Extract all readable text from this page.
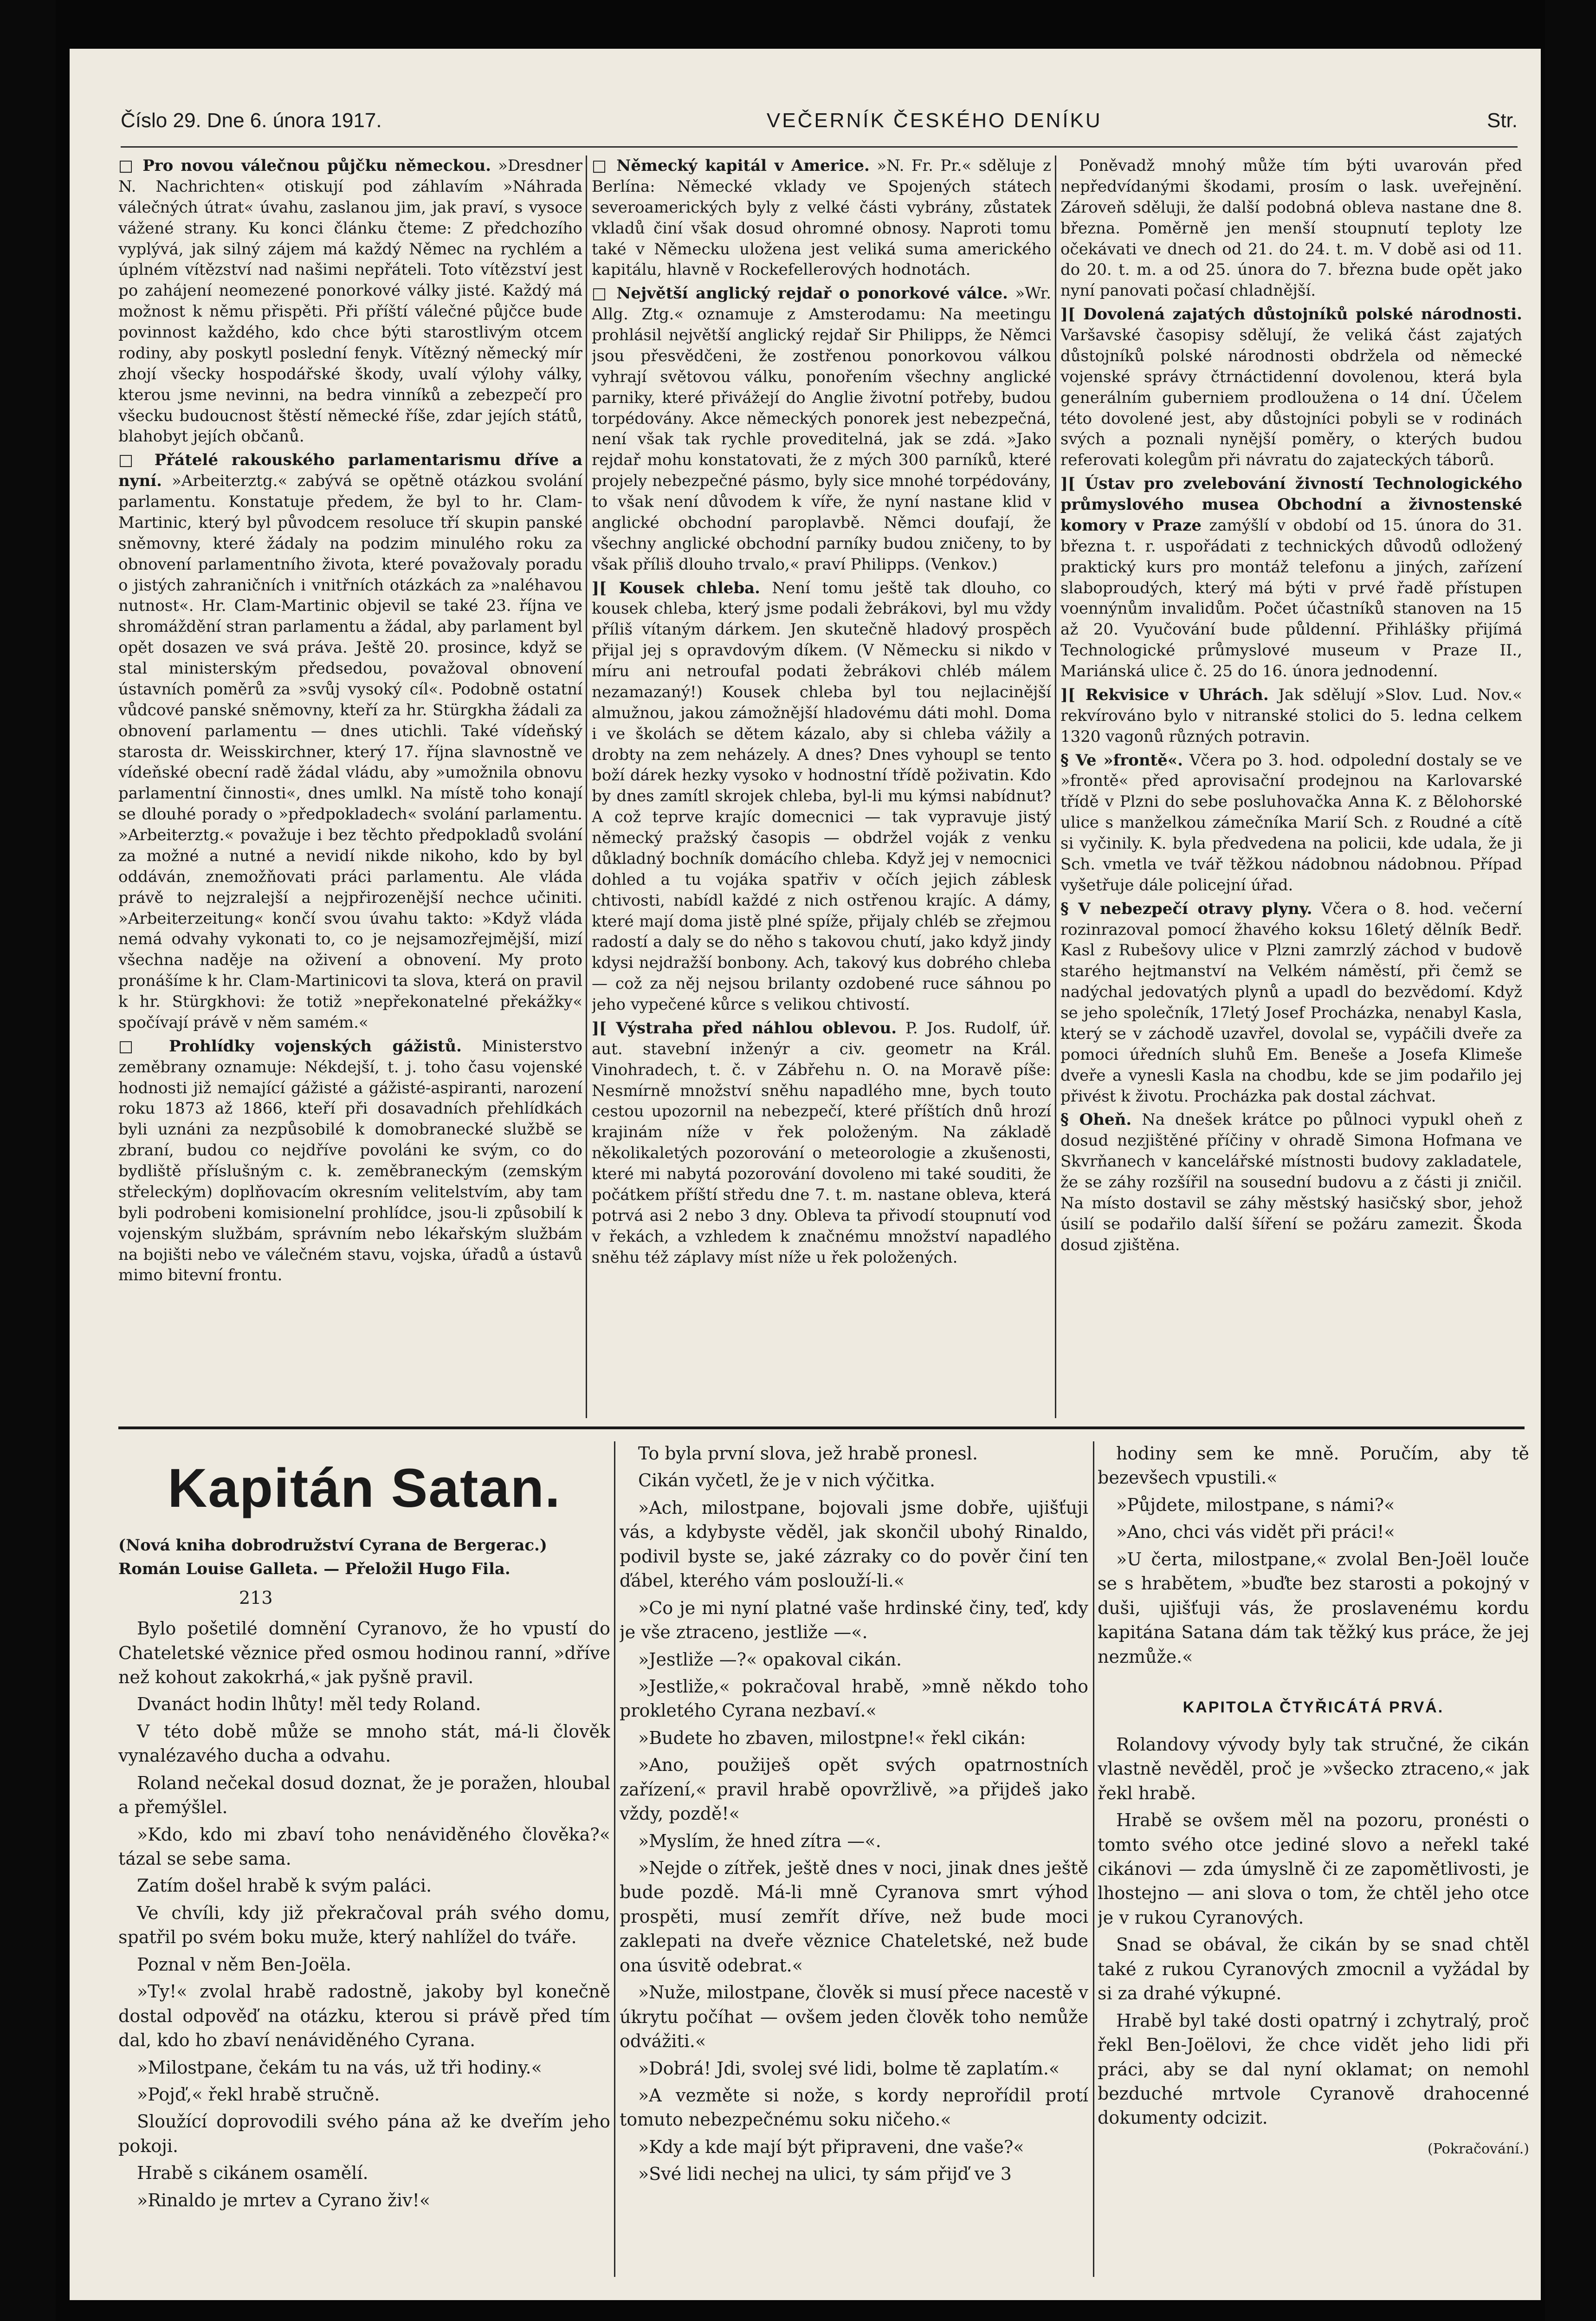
Číslo 29. Dne 6. února 1917.	VEČERNÍK ČESKÉHO DENÍKU	Str.

□ Pro novou válečnou půjčku německou. »Dresdner N. Nachrichten« otiskují pod záhlavím »Náhrada válečných útrat« úvahu, zaslanou jim, jak praví, s vysoce vážené strany. Ku konci článku čteme: Z předchozího vyplývá, jak silný zájem má každý Němec na rychlém a úplném vítězství nad našimi nepřáteli. Toto vítězství jest po zahájení neomezené ponorkové války jisté. Každý má možnost k němu přispěti. Při příští válečné půjčce bude povinnost každého, kdo chce býti starostlivým otcem rodiny, aby poskytl poslední fenyk. Vítězný německý mír zhojí všecky hospodářské škody, uvalí výlohy války, kterou jsme nevinni, na bedra vinníků a zebezpečí pro všecku budoucnost štěstí německé říše, zdar jejích států, blahobyt jejích občanů.

□ Přátelé rakouského parlamentarismu dříve a nyní. »Arbeiterztg.« zabývá se opětně otázkou svolání parlamentu. Konstatuje předem, že byl to hr. Clam-Martinic, který byl původcem resoluce tří skupin panské sněmovny, které žádaly na podzim minulého roku za obnovení parlamentního života, které považovaly poradu o jistých zahraničních i vnitřních otázkách za »naléhavou nutnost«. Hr. Clam-Martinic objevil se také 23. října ve shromáždění stran parlamentu a žádal, aby parlament byl opět dosazen ve svá práva. Ještě 20. prosince, když se stal ministerským předsedou, považoval obnovení ústavních poměrů za »svůj vysoký cíl«. Podobně ostatní vůdcové panské sněmovny, kteří za hr. Stürgkha žádali za obnovení parlamentu — dnes utichli. Také vídeňský starosta dr. Weisskirchner, který 17. října slavnostně ve vídeňské obecní radě žádal vládu, aby »umožnila obnovu parlamentní činnosti«, dnes umlkl. Na místě toho konají se dlouhé porady o »předpokladech« svolání parlamentu. »Arbeiterztg.« považuje i bez těchto předpokladů svolání za možné a nutné a nevidí nikde nikoho, kdo by byl oddáván, znemožňovati práci parlamentu. Ale vláda právě to nejzralejší a nejpřirozenější nechce učiniti. »Arbeiterzeitung« končí svou úvahu takto: »Když vláda nemá odvahy vykonati to, co je nejsamozřejmější, mizí všechna naděje na oživení a obnovení. My proto pronášíme k hr. Clam-Martinicovi ta slova, která on pravil k hr. Stürgkhovi: že totiž »nepřekonatelné překážky« spočívají právě v něm samém.«

□ Prohlídky vojenských gážistů. Ministerstvo zeměbrany oznamuje: Nékdejší, t. j. toho času vojenské hodnosti již nemající gážisté a gážisté-aspiranti, narození roku 1873 až 1866, kteří při dosavadních přehlídkách byli uznáni za nezpůsobilé k domobranecké službě se zbraní, budou co nejdříve povoláni ke svým, co do bydliště příslušným c. k. zeměbraneckým (zemským střeleckým) doplňovacím okresním velitelstvím, aby tam byli podrobeni komisionelní prohlídce, jsou-li způsobilí k vojenským službám, správním nebo lékařským službám na bojišti nebo ve válečném stavu, vojska, úřadů a ústavů mimo bitevní frontu.

□ Německý kapitál v Americe. »N. Fr. Pr.« sděluje z Berlína: Německé vklady ve Spojených státech severoamerických byly z velké části vybrány, zůstatek vkladů činí však dosud ohromné obnosy. Naproti tomu také v Německu uložena jest veliká suma amerického kapitálu, hlavně v Rockefellerových hodnotách.

□ Největší anglický rejdař o ponorkové válce. »Wr. Allg. Ztg.« oznamuje z Amsterodamu: Na meetingu prohlásil největší anglický rejdař Sir Philipps, že Němci jsou přesvědčeni, že zostřenou ponorkovou válkou vyhrají světovou válku, ponořením všechny anglické parniky, které přivážejí do Anglie životní potřeby, budou torpédovány. Akce německých ponorek jest nebezpečná, není však tak rychle proveditelná, jak se zdá. »Jako rejdař mohu konstatovati, že z mých 300 parníků, které projely nebezpečné pásmo, byly sice mnohé torpédovány, to však není důvodem k víře, že nyní nastane klid v anglické obchodní paroplavbě. Němci doufají, že všechny anglické obchodní parníky budou zničeny, to by však příliš dlouho trvalo,« praví Philipps. (Venkov.)

][ Kousek chleba. Není tomu ještě tak dlouho, co kousek chleba, který jsme podali žebrákovi, byl mu vždy příliš vítaným dárkem. Jen skutečně hladový prospěch přijal jej s opravdovým díkem. (V Německu si nikdo v míru ani netroufal podati žebrákovi chléb málem nezamazaný!) Kousek chleba byl tou nejlacinější almužnou, jakou zámožnější hladovému dáti mohl. Doma i ve školách se dětem kázalo, aby si chleba vážily a drobty na zem neházely. A dnes? Dnes vyhoupl se tento boží dárek hezky vysoko v hodnostní třídě poživatin. Kdo by dnes zamítl skrojek chleba, byl-li mu kýmsi nabídnut? A což teprve krajíc domecnici — tak vypravuje jistý německý pražský časopis — obdržel voják z venku důkladný bochník domácího chleba. Když jej v nemocnici dohled a tu vojáka spatřiv v očích jejich záblesk chtivosti, nabídl každé z nich ostřenou krajíc. A dámy, které mají doma jistě plné spíže, přijaly chléb se zřejmou radostí a daly se do něho s takovou chutí, jako když jindy kdysi nejdražší bonbony. Ach, takový kus dobrého chleba — což za něj nejsou brilanty ozdobené ruce sáhnou po jeho vypečené kůrce s velikou chtivostí.

][ Výstraha před náhlou oblevou. P. Jos. Rudolf, úř. aut. stavební inženýr a civ. geometr na Král. Vinohradech, t. č. v Zábřehu n. O. na Moravě píše: Nesmírně množství sněhu napadlého mne, bych touto cestou upozornil na nebezpečí, které příštích dnů hrozí krajinám níže v řek položeným. Na základě několikaletých pozorování o meteorologie a zkušenosti, které mi nabytá pozorování dovoleno mi také souditi, že počátkem příští středu dne 7. t. m. nastane obleva, která potrvá asi 2 nebo 3 dny. Obleva ta přivodí stoupnutí vod v řekách, a vzhledem k značnému množství napadlého sněhu též záplavy míst níže u řek položených.

Poněvadž mnohý může tím býti uvarován před nepředvídanými škodami, prosím o lask. uveřejnění. Zároveň sděluji, že další podobná obleva nastane dne 8. března. Poměrně jen menší stoupnutí teploty lze očekávati ve dnech od 21. do 24. t. m. V době asi od 11. do 20. t. m. a od 25. února do 7. března bude opět jako nyní panovati počasí chladnější.

][ Dovolená zajatých důstojníků polské národnosti. Varšavské časopisy sdělují, že veliká část zajatých důstojníků polské národnosti obdržela od německé vojenské správy čtrnáctidenní dovolenou, která byla generálním guberniem prodloužena o 14 dní. Účelem této dovolené jest, aby důstojníci pobyli se v rodinách svých a poznali nynější poměry, o kterých budou referovati kolegům při návratu do zajateckých táborů.

][ Ústav pro zvelebování živností Technologického průmyslového musea Obchodní a živnostenské komory v Praze zamýšlí v období od 15. února do 31. března t. r. uspořádati z technických důvodů odložený praktický kurs pro montáž telefonu a jiných, zařízení slaboproudých, který má býti v prvé řadě přístupen voennýnům invalidům. Počet účastníků stanoven na 15 až 20. Vyučování bude půldenní. Přihlášky přijímá Technologické průmyslové museum v Praze II., Mariánská ulice č. 25 do 16. února jednodenní.

][ Rekvisice v Uhrách. Jak sdělují »Slov. Lud. Nov.« rekvírováno bylo v nitranské stolici do 5. ledna celkem 1320 vagonů různých potravin.

§ Ve »frontě«. Včera po 3. hod. odpolední dostaly se ve »frontě« před aprovisační prodejnou na Karlovarské třídě v Plzni do sebe posluhovačka Anna K. z Bělohorské ulice s manželkou zámečníka Marií Sch. z Roudné a cítě si vyčinily. K. byla předvedena na policii, kde udala, že ji Sch. vmetla ve tvář těžkou nádobnou nádobnou. Případ vyšetřuje dále policejní úřad.

§ V nebezpečí otravy plyny. Včera o 8. hod. večerní rozinrazoval pomocí žhavého koksu 16letý dělník Bedř. Kasl z Rubešovy ulice v Plzni zamrzlý záchod v budově starého hejtmanství na Velkém náměstí, při čemž se nadýchal jedovatých plynů a upadl do bezvědomí. Když se jeho společník, 17letý Josef Procházka, nenabyl Kasla, který se v záchodě uzavřel, dovolal se, vypáčili dveře za pomoci úředních sluhů Em. Beneše a Josefa Klimeše dveře a vynesli Kasla na chodbu, kde se jim podařilo jej přivést k životu. Procházka pak dostal záchvat.

§ Oheň. Na dnešek krátce po půlnoci vypukl oheň z dosud nezjištěné příčiny v ohradě Simona Hofmana ve Skvrňanech v kancelářské místnosti budovy zakladatele, že se záhy rozšířil na sousední budovu a z části ji zničil. Na místo dostavil se záhy městský hasičský sbor, jehož úsilí se podařilo další šíření se požáru zamezit. Škoda dosud zjištěna.

Kapitán Satan.
(Nová kniha dobrodružství Cyrana de Bergerac.)
Román Louise Galleta. — Přeložil Hugo Fila.
213

Bylo pošetilé domnění Cyranovo, že ho vpustí do Chateletské věznice před osmou hodinou ranní, »dříve než kohout zakokrhá,« jak pyšně pravil.

Dvanáct hodin lhůty! měl tedy Roland.

V této době může se mnoho stát, má-li člověk vynalézavého ducha a odvahu.

Roland nečekal dosud doznat, že je poražen, hloubal a přemýšlel.

»Kdo, kdo mi zbaví toho nenáviděného člověka?« tázal se sebe sama.

Zatím došel hrabě k svým paláci.

Ve chvíli, kdy již překračoval práh svého domu, spatřil po svém boku muže, který nahlížel do tváře.

Poznal v něm Ben-Joëla.

»Ty!« zvolal hrabě radostně, jakoby byl konečně dostal odpověď na otázku, kterou si právě před tím dal, kdo ho zbaví nenáviděného Cyrana.

»Milostpane, čekám tu na vás, už tři hodiny.«

»Pojď,« řekl hrabě stručně.

Sloužící doprovodili svého pána až ke dveřím jeho pokoji.

Hrabě s cikánem osamělí.

»Rinaldo je mrtev a Cyrano živ!«

To byla první slova, jež hrabě pronesl.

Cikán vyčetl, že je v nich výčitka.

»Ach, milostpane, bojovali jsme dobře, ujišťuji vás, a kdybyste věděl, jak skončil ubohý Rinaldo, podivil byste se, jaké zázraky co do pověr činí ten ďábel, kterého vám poslouží-li.«

»Co je mi nyní platné vaše hrdinské činy, teď, kdy je vše ztraceno, jestliže —«.

»Jestliže —?« opakoval cikán.

»Jestliže,« pokračoval hrabě, »mně někdo toho prokletého Cyrana nezbaví.«

»Budete ho zbaven, milostpne!« řekl cikán:

»Ano, použiješ opět svých opatrnostních zařízení,« pravil hrabě opovržlivě, »a přijdeš jako vždy, pozdě!«

»Myslím, že hned zítra —«.

»Nejde o zítřek, ještě dnes v noci, jinak dnes ještě bude pozdě. Má-li mně Cyranova smrt výhod prospěti, musí zemřít dříve, než bude moci zaklepati na dveře věznice Chateletské, než bude ona úsvitě odebrat.«

»Nuže, milostpane, člověk si musí přece nacestě v úkrytu počíhat — ovšem jeden člověk toho nemůže odvážiti.«

»Dobrá! Jdi, svolej své lidi, bolme tě zaplatím.«

»A vezměte si nože, s kordy neprořídil protí tomuto nebezpečnému soku ničeho.«

»Kdy a kde mají být připraveni, dne vaše?«

»Své lidi nechej na ulici, ty sám přijď ve 3

hodiny sem ke mně. Poručím, aby tě bezevšech vpustili.«

»Půjdete, milostpane, s námi?«

»Ano, chci vás vidět při práci!«

»U čerta, milostpane,« zvolal Ben-Joël louče se s hrabětem, »buďte bez starosti a pokojný v duši, ujišťuji vás, že proslavenému kordu kapitána Satana dám tak těžký kus práce, že jej nezmůže.«

KAPITOLA ČTYŘICÁTÁ PRVÁ.

Rolandovy vývody byly tak stručné, že cikán vlastně nevěděl, proč je »všecko ztraceno,« jak řekl hrabě.

Hrabě se ovšem měl na pozoru, pronésti o tomto svého otce jediné slovo a neřekl také cikánovi — zda úmyslně či ze zapomětlivosti, je lhostejno — ani slova o tom, že chtěl jeho otce je v rukou Cyranových.

Snad se obával, že cikán by se snad chtěl také z rukou Cyranových zmocnil a vyžádal by si za drahé výkupné.

Hrabě byl také dosti opatrný i zchytralý, proč řekl Ben-Joëlovi, že chce vidět jeho lidi při práci, aby se dal nyní oklamat; on nemohl bezduché mrtvole Cyranově drahocenné dokumenty odcizit.

(Pokračování.)
